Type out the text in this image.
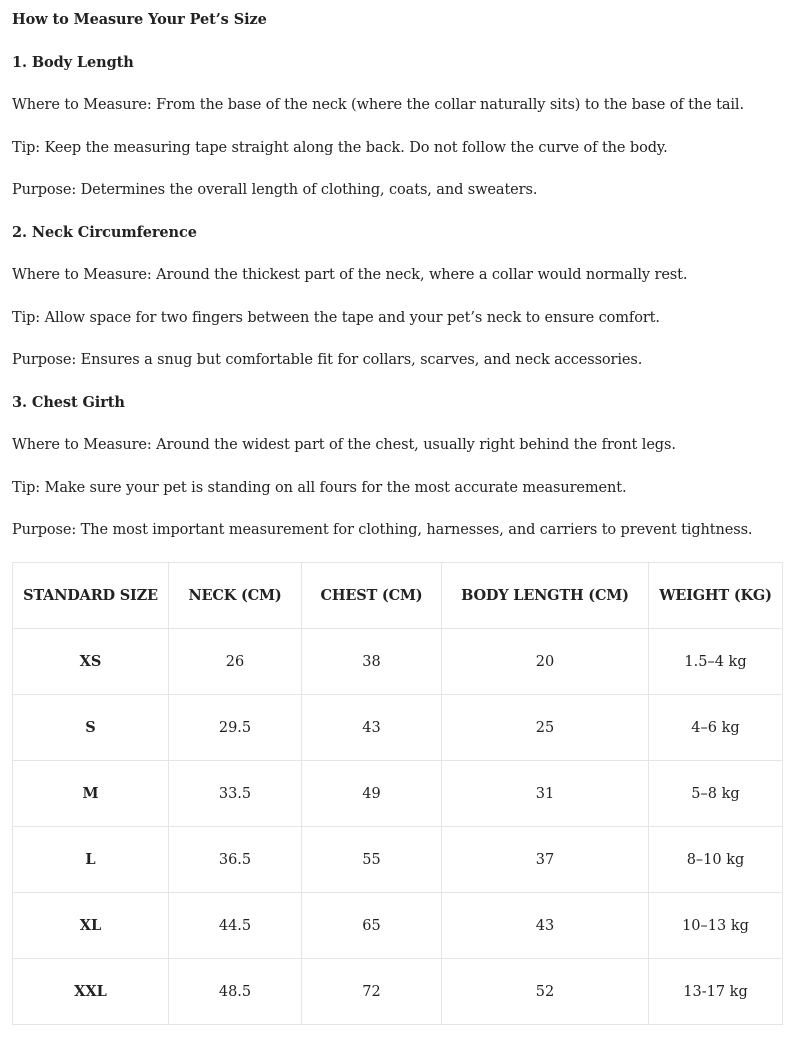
How to Measure Your Pet’s Size
1. Body Length
Where to Measure: From the base of the neck (where the collar naturally sits) to the base of the tail.
Tip: Keep the measuring tape straight along the back. Do not follow the curve of the body.
Purpose: Determines the overall length of clothing, coats, and sweaters.
2. Neck Circumference
Where to Measure: Around the thickest part of the neck, where a collar would normally rest.
Tip: Allow space for two fingers between the tape and your pet’s neck to ensure comfort.
Purpose: Ensures a snug but comfortable fit for collars, scarves, and neck accessories.
3. Chest Girth
Where to Measure: Around the widest part of the chest, usually right behind the front legs.
Tip: Make sure your pet is standing on all fours for the most accurate measurement.
Purpose: The most important measurement for clothing, harnesses, and carriers to prevent tightness.
STANDARD SIZE	NECK (CM)	CHEST (CM)	BODY LENGTH (CM)	WEIGHT (KG)
XS	26	38	20	1.5–4 kg
S	29.5	43	25	4–6 kg
M	33.5	49	31	5–8 kg
L	36.5	55	37	8–10 kg
XL	44.5	65	43	10–13 kg
XXL	48.5	72	52	13-17 kg
